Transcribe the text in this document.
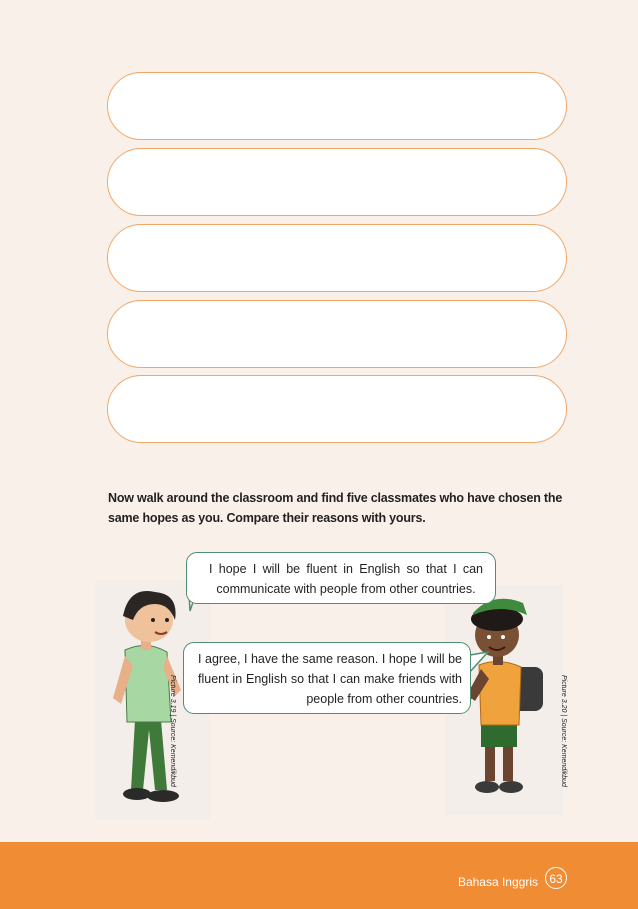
Now walk around the classroom and find five classmates who have chosen the same hopes as you. Compare their reasons with yours.
I hope I will be fluent in English so that I can communicate with people from other countries.
I agree, I have the same reason. I hope I will be fluent in English so that I can make friends with people from other countries.
Picture 3.19 | Source: Kemendikbud	Picture 3.20 | Source: Kemendikbud
Bahasa Inggris 63
